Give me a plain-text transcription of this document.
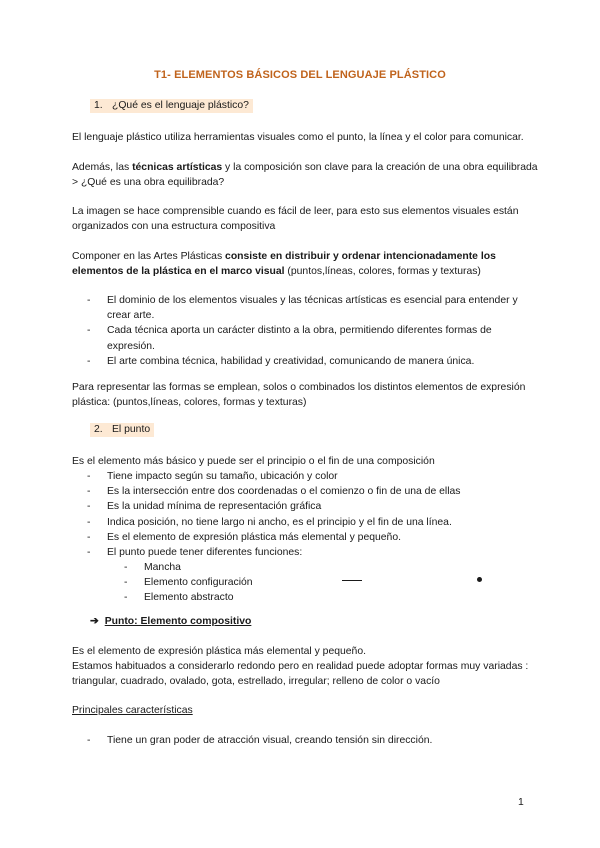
T1- ELEMENTOS BÁSICOS DEL LENGUAJE PLÁSTICO
1. ¿Qué es el lenguaje plástico?
El lenguaje plástico utiliza herramientas visuales como el punto, la línea y el color para comunicar.
Además, las técnicas artísticas y la composición son clave para la creación de una obra equilibrada > ¿Qué es una obra equilibrada?
La imagen se hace comprensible cuando es fácil de leer, para esto sus elementos visuales están organizados con una estructura compositiva
Componer en las Artes Plásticas consiste en distribuir y ordenar intencionadamente los elementos de la plástica en el marco visual (puntos,líneas, colores, formas y texturas)
- El dominio de los elementos visuales y las técnicas artísticas es esencial para entender y crear arte.
- Cada técnica aporta un carácter distinto a la obra, permitiendo diferentes formas de expresión.
- El arte combina técnica, habilidad y creatividad, comunicando de manera única.
Para representar las formas se emplean, solos o combinados los distintos elementos de expresión plástica: (puntos,líneas, colores, formas y texturas)
2. El punto
Es el elemento más básico y puede ser el principio o el fin de una composición
- Tiene impacto según su tamaño, ubicación y color
- Es la intersección entre dos coordenadas o el comienzo o fin de una de ellas
- Es la unidad mínima de representación gráfica
- Indica posición, no tiene largo ni ancho, es el principio y el fin de una línea.
- Es el elemento de expresión plástica más elemental y pequeño.
- El punto puede tener diferentes funciones:
- Mancha
- Elemento configuración
- Elemento abstracto
➔ Punto: Elemento compositivo
Es el elemento de expresión plástica más elemental y pequeño.
Estamos habituados a considerarlo redondo pero en realidad puede adoptar formas muy variadas : triangular, cuadrado, ovalado, gota, estrellado, irregular; relleno de color o vacío
Principales características
- Tiene un gran poder de atracción visual, creando tensión sin dirección.
1
